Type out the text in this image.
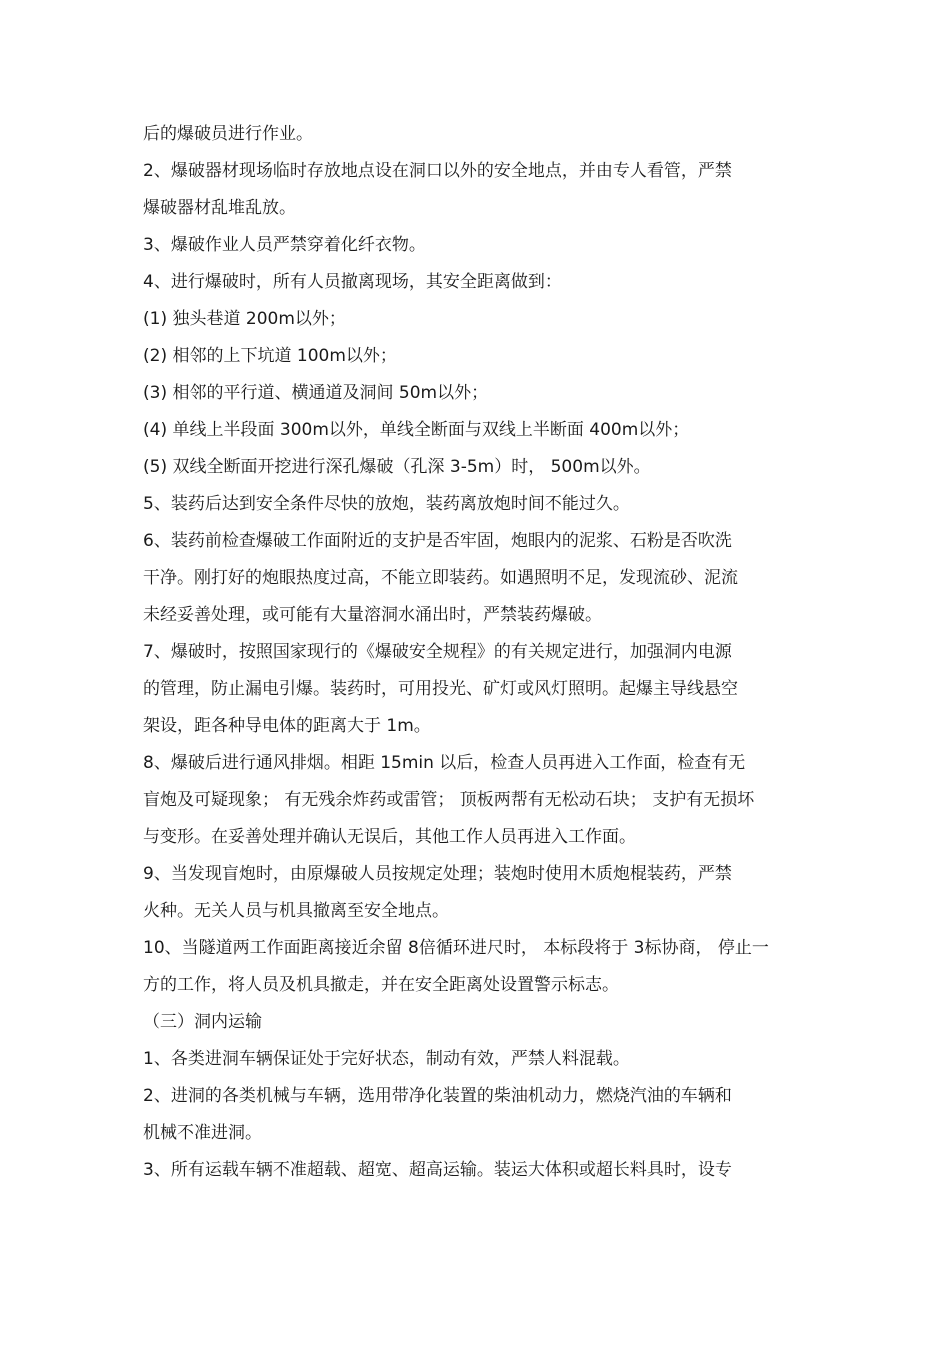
后的爆破员进行作业。
2、爆破器材现场临时存放地点设在洞口以外的安全地点，并由专人看管，严禁
爆破器材乱堆乱放。
3、爆破作业人员严禁穿着化纤衣物。
4、进行爆破时，所有人员撤离现场，其安全距离做到：
(1) 独头巷道 200m以外；
(2) 相邻的上下坑道 100m以外；
(3) 相邻的平行道、横通道及洞间 50m以外；
(4) 单线上半段面 300m以外，单线全断面与双线上半断面 400m以外；
(5) 双线全断面开挖进行深孔爆破（孔深 3-5m）时， 500m以外。
5、装药后达到安全条件尽快的放炮，装药离放炮时间不能过久。
6、装药前检查爆破工作面附近的支护是否牢固，炮眼内的泥浆、石粉是否吹洗
干净。刚打好的炮眼热度过高，不能立即装药。如遇照明不足，发现流砂、泥流
未经妥善处理，或可能有大量溶洞水涌出时，严禁装药爆破。
7、爆破时，按照国家现行的《爆破安全规程》的有关规定进行，加强洞内电源
的管理，防止漏电引爆。装药时，可用投光、矿灯或风灯照明。起爆主导线悬空
架设，距各种导电体的距离大于 1m。
8、爆破后进行通风排烟。相距 15min 以后，检查人员再进入工作面，检查有无
盲炮及可疑现象； 有无残余炸药或雷管； 顶板两帮有无松动石块； 支护有无损坏
与变形。在妥善处理并确认无误后，其他工作人员再进入工作面。
9、当发现盲炮时，由原爆破人员按规定处理；装炮时使用木质炮棍装药，严禁
火种。无关人员与机具撤离至安全地点。
10、当隧道两工作面距离接近余留 8倍循环进尺时， 本标段将于 3标协商， 停止一
方的工作，将人员及机具撤走，并在安全距离处设置警示标志。
（三）洞内运输
1、各类进洞车辆保证处于完好状态，制动有效，严禁人料混载。
2、进洞的各类机械与车辆，选用带净化装置的柴油机动力，燃烧汽油的车辆和
机械不准进洞。
3、所有运载车辆不准超载、超宽、超高运输。装运大体积或超长料具时，设专
